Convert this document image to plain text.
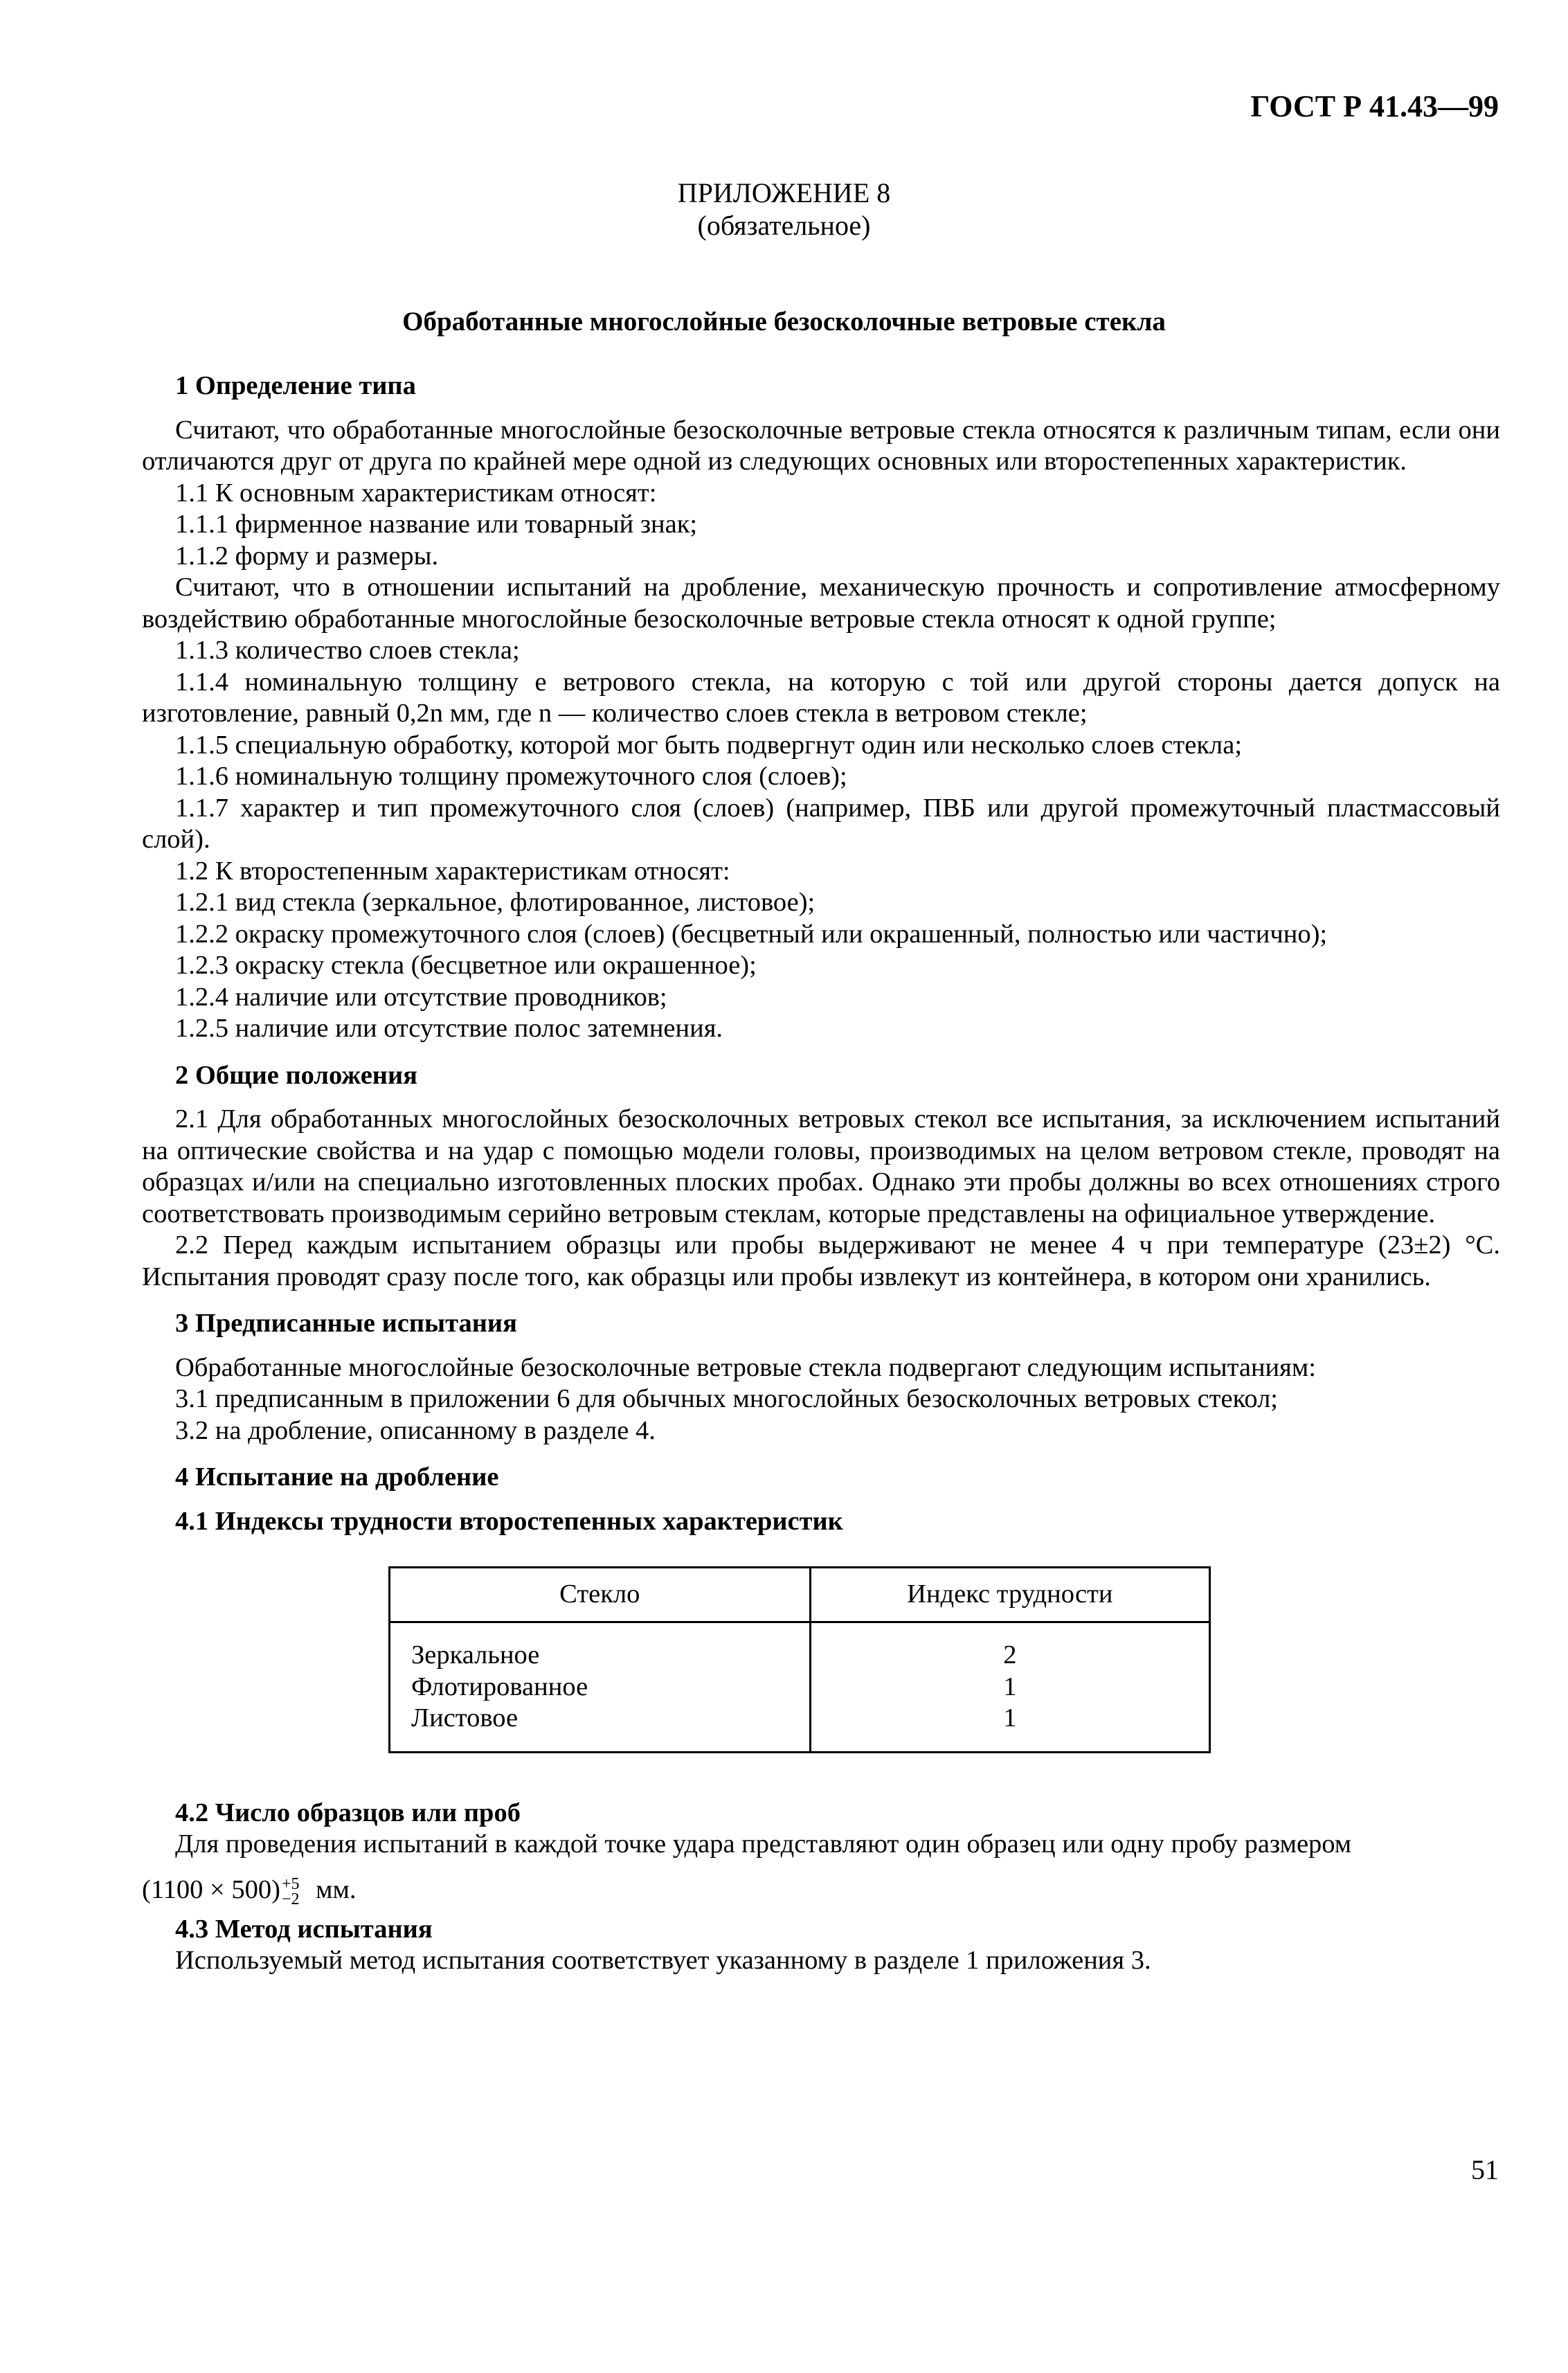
ГОСТ Р 41.43—99
ПРИЛОЖЕНИЕ 8
(обязательное)
Обработанные многослойные безосколочные ветровые стекла
1 Определение типа

Считают, что обработанные многослойные безосколочные ветровые стекла относятся к различным типам, если они отличаются друг от друга по крайней мере одной из следующих основных или второстепенных характеристик.

1.1 К основным характеристикам относят:

1.1.1 фирменное название или товарный знак;

1.1.2 форму и размеры.

Считают, что в отношении испытаний на дробление, механическую прочность и сопротивление атмосферному воздействию обработанные многослойные безосколочные ветровые стекла относят к одной группе;

1.1.3 количество слоев стекла;

1.1.4 номинальную толщину e ветрового стекла, на которую с той или другой стороны дается допуск на изготовление, равный 0,2n мм, где n — количество слоев стекла в ветровом стекле;

1.1.5 специальную обработку, которой мог быть подвергнут один или несколько слоев стекла;

1.1.6 номинальную толщину промежуточного слоя (слоев);

1.1.7 характер и тип промежуточного слоя (слоев) (например, ПВБ или другой промежуточный пластмассовый слой).

1.2 К второстепенным характеристикам относят:

1.2.1 вид стекла (зеркальное, флотированное, листовое);

1.2.2 окраску промежуточного слоя (слоев) (бесцветный или окрашенный, полностью или частично);

1.2.3 окраску стекла (бесцветное или окрашенное);

1.2.4 наличие или отсутствие проводников;

1.2.5 наличие или отсутствие полос затемнения.

2 Общие положения

2.1 Для обработанных многослойных безосколочных ветровых стекол все испытания, за исключением испытаний на оптические свойства и на удар с помощью модели головы, производимых на целом ветровом стекле, проводят на образцах и/или на специально изготовленных плоских пробах. Однако эти пробы должны во всех отношениях строго соответствовать производимым серийно ветровым стеклам, которые представлены на официальное утверждение.

2.2 Перед каждым испытанием образцы или пробы выдерживают не менее 4 ч при температуре (23±2) °С. Испытания проводят сразу после того, как образцы или пробы извлекут из контейнера, в котором они хранились.

3 Предписанные испытания

Обработанные многослойные безосколочные ветровые стекла подвергают следующим испытаниям:

3.1 предписанным в приложении 6 для обычных многослойных безосколочных ветровых стекол;

3.2 на дробление, описанному в разделе 4.

4 Испытание на дробление
4.1 Индексы трудности второстепенных характеристик
Стекло	Индекс трудности
Зеркальное	2
Флотированное	1
Листовое	1
4.2 Число образцов или проб

Для проведения испытаний в каждой точке удара представляют один образец или одну пробу размером

(1100 × 500) +5
−2 мм.

4.3 Метод испытания

Используемый метод испытания соответствует указанному в разделе 1 приложения 3.

51
